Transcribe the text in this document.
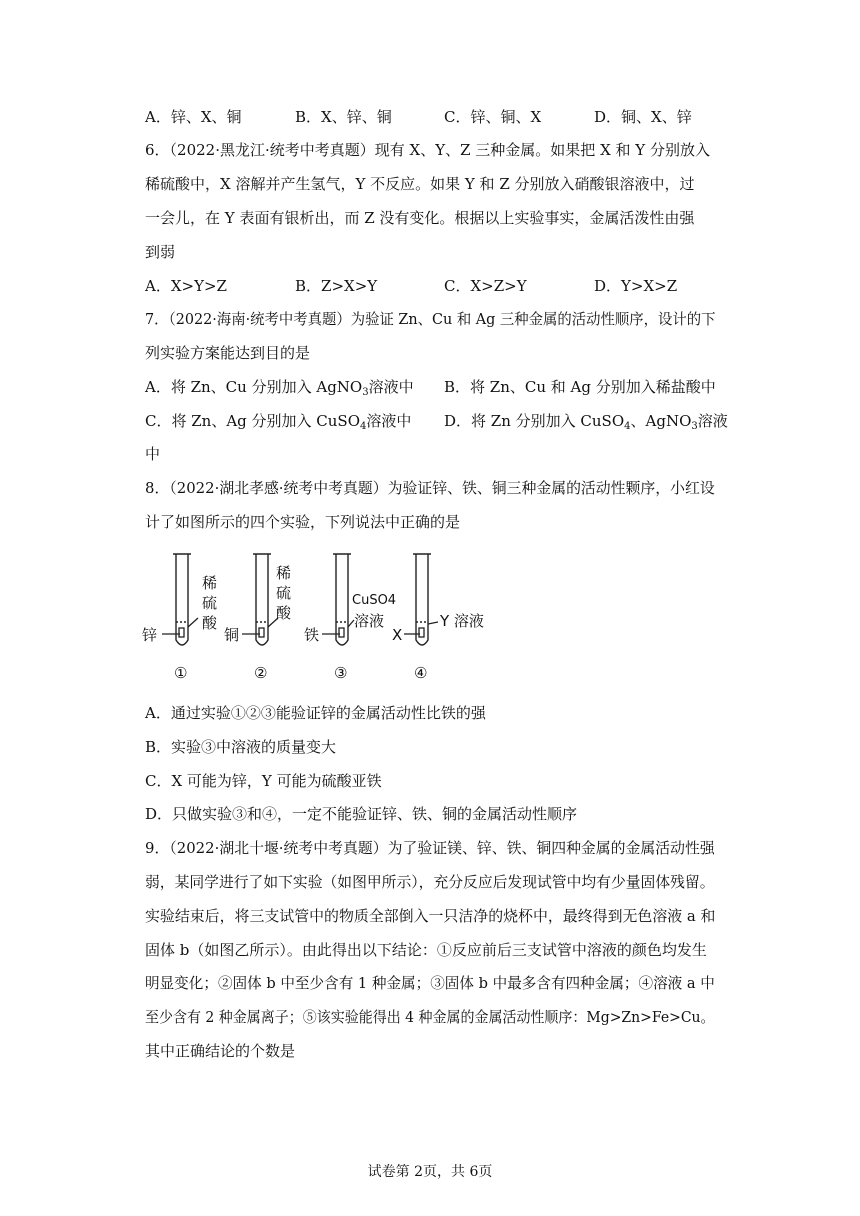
A．锌、X、铜	B．X、锌、铜	C．锌、铜、X	D．铜、X、锌
6．（2022·黑龙江·统考中考真题）现有 X、Y、Z 三种金属。如果把 X 和 Y 分别放入
稀硫酸中，X 溶解并产生氢气，Y 不反应。如果 Y 和 Z 分别放入硝酸银溶液中，过
一会儿，在 Y 表面有银析出，而 Z 没有变化。根据以上实验事实，金属活泼性由强
到弱
A．X>Y>Z	B．Z>X>Y	C．X>Z>Y	D．Y>X>Z
7．（2022·海南·统考中考真题）为验证 Zn、Cu 和 Ag 三种金属的活动性顺序，设计的下
列实验方案能达到目的是
A．将 Zn、Cu 分别加入 AgNO$_3$溶液中 B．将 Zn、Cu 和 Ag 分别加入稀盐酸中
C．将 Zn、Ag 分别加入 CuSO$_4$溶液中 D．将 Zn 分别加入 CuSO$_4$、AgNO$_3$溶液
中
8．（2022·湖北孝感·统考中考真题）为验证锌、铁、铜三种金属的活动性颗序，小红设
计了如图所示的四个实验，下列说法中正确的是
锌
稀
硫
酸
铜
稀
硫
酸
铁
CuSO4
溶液
X
Y 溶液
①	②	③	④
A．通过实验①②③能验证锌的金属活动性比铁的强
B．实验③中溶液的质量变大
C．X 可能为锌，Y 可能为硫酸亚铁
D．只做实验③和④，一定不能验证锌、铁、铜的金属活动性顺序
9．（2022·湖北十堰·统考中考真题）为了验证镁、锌、铁、铜四种金属的金属活动性强
弱，某同学进行了如下实验（如图甲所示），充分反应后发现试管中均有少量固体残留。
实验结束后，将三支试管中的物质全部倒入一只洁净的烧杯中，最终得到无色溶液 a 和
固体 b（如图乙所示）。由此得出以下结论：①反应前后三支试管中溶液的颜色均发生
明显变化；②固体 b 中至少含有 1 种金属；③固体 b 中最多含有四种金属；④溶液 a 中
至少含有 2 种金属离子；⑤该实验能得出 4 种金属的金属活动性顺序：Mg>Zn>Fe>Cu。
其中正确结论的个数是
试卷第 2页，共 6页
